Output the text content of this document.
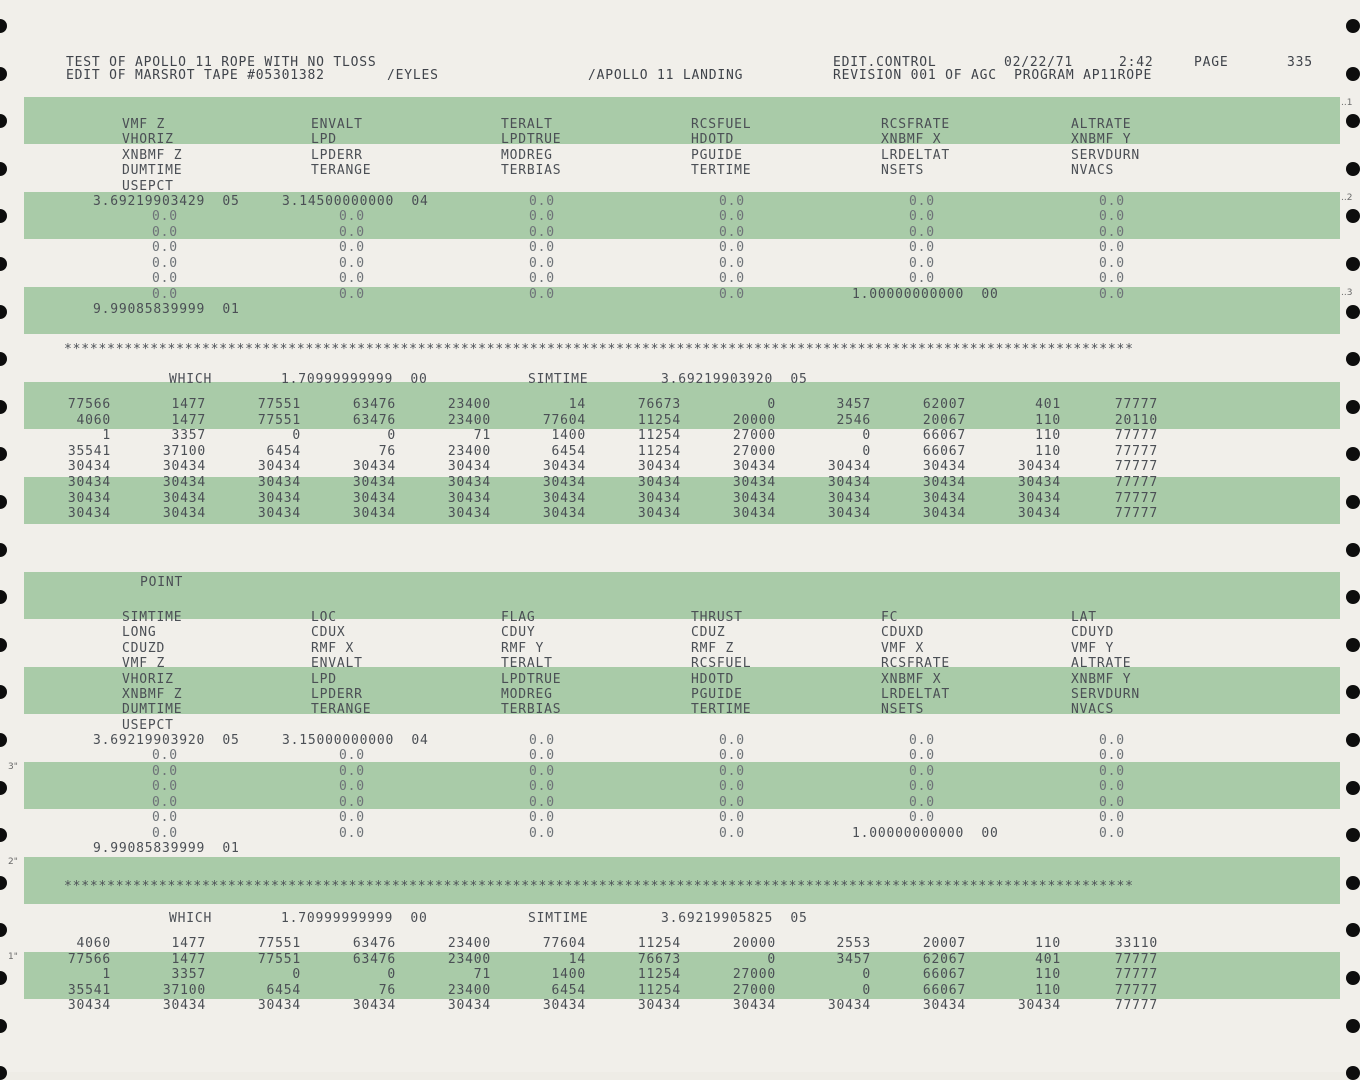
TEST OF APOLLO 11 ROPE WITH NO TLOSS
EDIT OF MARSROT TAPE #05301382	/EYLES	/APOLLO 11 LANDING
EDIT.CONTROL	02/22/71	2:42	PAGE	335
REVISION 001 OF AGC  PROGRAM AP11ROPE
..1
..2
..3
3"
2"
1"
VMF Z	ENVALT	TERALT	RCSFUEL	RCSFRATE	ALTRATE
VHORIZ	LPD	LPDTRUE	HDOTD	XNBMF X	XNBMF Y
XNBMF Z	LPDERR	MODREG	PGUIDE	LRDELTAT	SERVDURN
DUMTIME	TERANGE	TERBIAS	TERTIME	NSETS	NVACS
USEPCT
3.69219903429  05	3.14500000000  04	0.0	0.0	0.0	0.0
0.0	0.0	0.0	0.0	0.0	0.0
0.0	0.0	0.0	0.0	0.0	0.0
0.0	0.0	0.0	0.0	0.0	0.0
0.0	0.0	0.0	0.0	0.0	0.0
0.0	0.0	0.0	0.0	0.0	0.0
0.0	0.0	0.0	0.0	1.00000000000  00	0.0
9.99085839999  01
****************************************************************************************************************************
WHICH	1.70999999999  00	SIMTIME	3.69219903920  05
77566	1477	77551	63476	23400	14	76673	0	3457	62007	401	77777
4060	1477	77551	63476	23400	77604	11254	20000	2546	20067	110	20110
1	3357	0	0	71	1400	11254	27000	0	66067	110	77777
35541	37100	6454	76	23400	6454	11254	27000	0	66067	110	77777
30434	30434	30434	30434	30434	30434	30434	30434	30434	30434	30434	77777
30434	30434	30434	30434	30434	30434	30434	30434	30434	30434	30434	77777
30434	30434	30434	30434	30434	30434	30434	30434	30434	30434	30434	77777
30434	30434	30434	30434	30434	30434	30434	30434	30434	30434	30434	77777
POINT
SIMTIME	LOC	FLAG	THRUST	FC	LAT
LONG	CDUX	CDUY	CDUZ	CDUXD	CDUYD
CDUZD	RMF X	RMF Y	RMF Z	VMF X	VMF Y
VMF Z	ENVALT	TERALT	RCSFUEL	RCSFRATE	ALTRATE
VHORIZ	LPD	LPDTRUE	HDOTD	XNBMF X	XNBMF Y
XNBMF Z	LPDERR	MODREG	PGUIDE	LRDELTAT	SERVDURN
DUMTIME	TERANGE	TERBIAS	TERTIME	NSETS	NVACS
USEPCT
3.69219903920  05	3.15000000000  04	0.0	0.0	0.0	0.0
0.0	0.0	0.0	0.0	0.0	0.0
0.0	0.0	0.0	0.0	0.0	0.0
0.0	0.0	0.0	0.0	0.0	0.0
0.0	0.0	0.0	0.0	0.0	0.0
0.0	0.0	0.0	0.0	0.0	0.0
0.0	0.0	0.0	0.0	1.00000000000  00	0.0
9.99085839999  01
****************************************************************************************************************************
WHICH	1.70999999999  00	SIMTIME	3.69219905825  05
4060	1477	77551	63476	23400	77604	11254	20000	2553	20007	110	33110
77566	1477	77551	63476	23400	14	76673	0	3457	62067	401	77777
1	3357	0	0	71	1400	11254	27000	0	66067	110	77777
35541	37100	6454	76	23400	6454	11254	27000	0	66067	110	77777
30434	30434	30434	30434	30434	30434	30434	30434	30434	30434	30434	77777
